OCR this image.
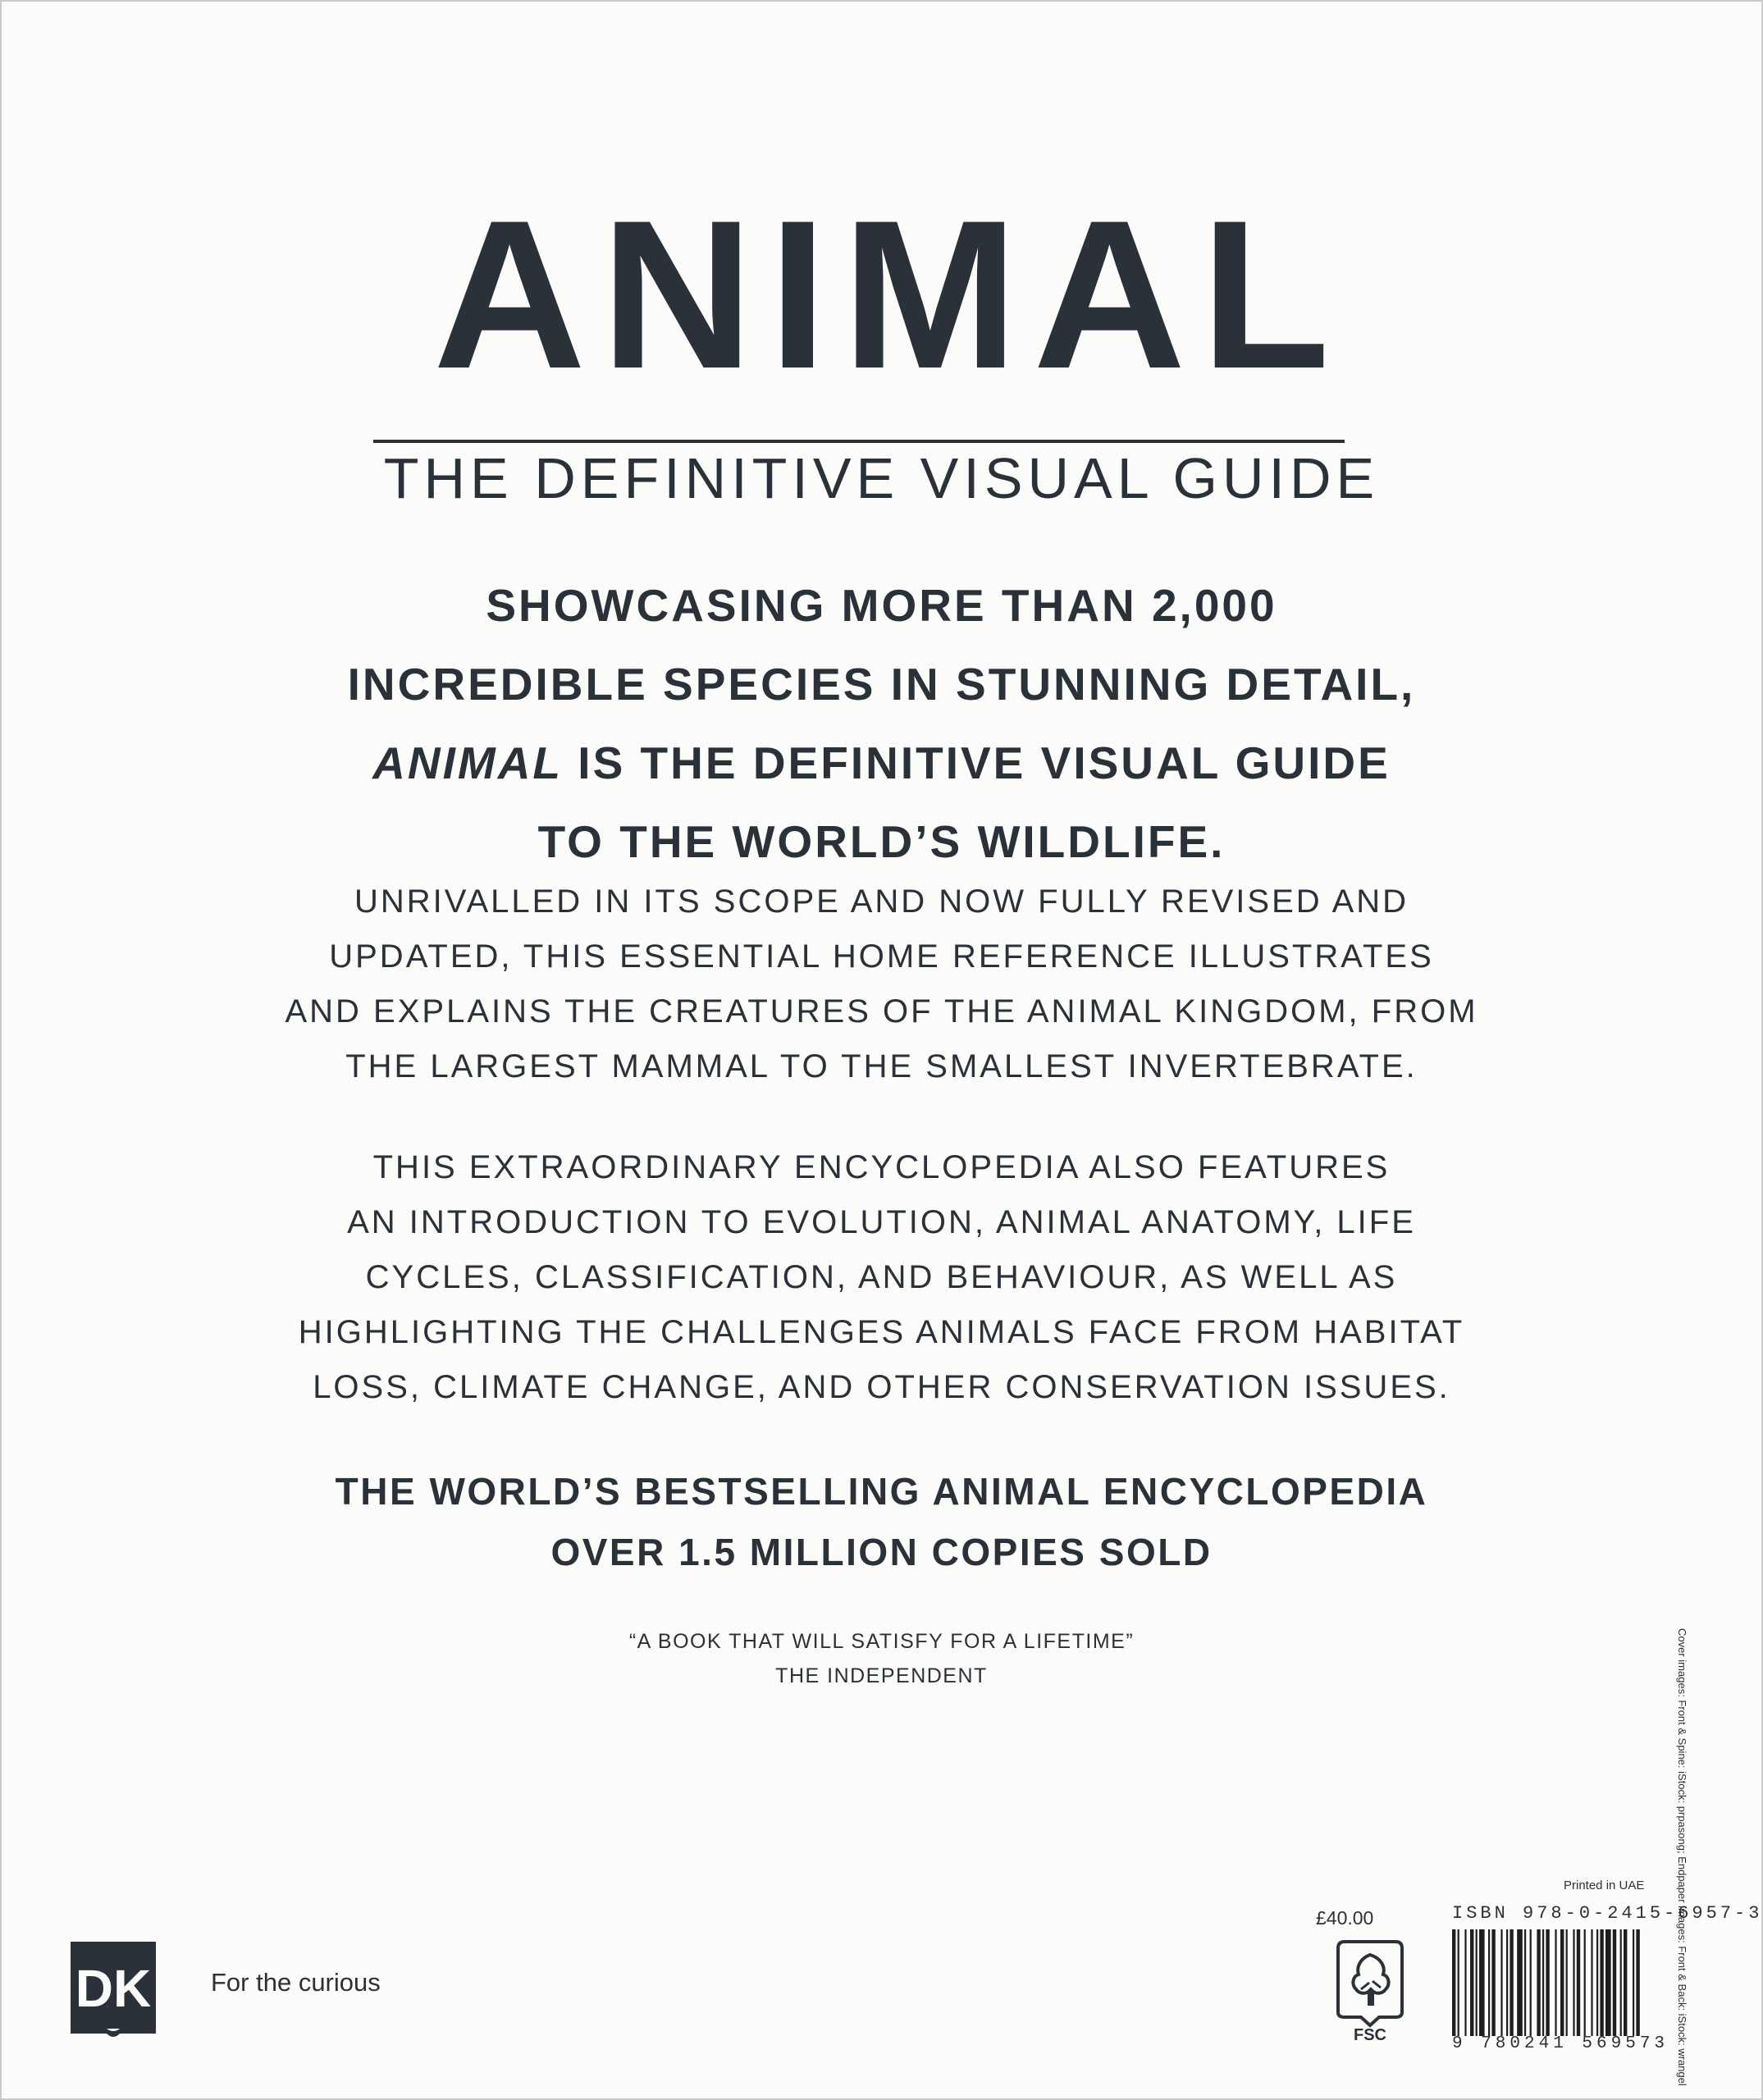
ANIMAL
THE DEFINITIVE VISUAL GUIDE
SHOWCASING MORE THAN 2,000
INCREDIBLE SPECIES IN STUNNING DETAIL,
ANIMAL IS THE DEFINITIVE VISUAL GUIDE
TO THE WORLD’S WILDLIFE.
UNRIVALLED IN ITS SCOPE AND NOW FULLY REVISED AND
UPDATED, THIS ESSENTIAL HOME REFERENCE ILLUSTRATES
AND EXPLAINS THE CREATURES OF THE ANIMAL KINGDOM, FROM
THE LARGEST MAMMAL TO THE SMALLEST INVERTEBRATE.
THIS EXTRAORDINARY ENCYCLOPEDIA ALSO FEATURES
AN INTRODUCTION TO EVOLUTION, ANIMAL ANATOMY, LIFE
CYCLES, CLASSIFICATION, AND BEHAVIOUR, AS WELL AS
HIGHLIGHTING THE CHALLENGES ANIMALS FACE FROM HABITAT
LOSS, CLIMATE CHANGE, AND OTHER CONSERVATION ISSUES.
THE WORLD’S BESTSELLING ANIMAL ENCYCLOPEDIA
OVER 1.5 MILLION COPIES SOLD
“A BOOK THAT WILL SATISFY FOR A LIFETIME”
THE INDEPENDENT	Cover images: Front & Spine: iStock: prpasong; Endpaper images: Front & Back: iStock: wrangel
DK For the curious
£40.00
FSC
Printed in UAE
ISBN 978-0-2415-6957-3
9 780241 569573
